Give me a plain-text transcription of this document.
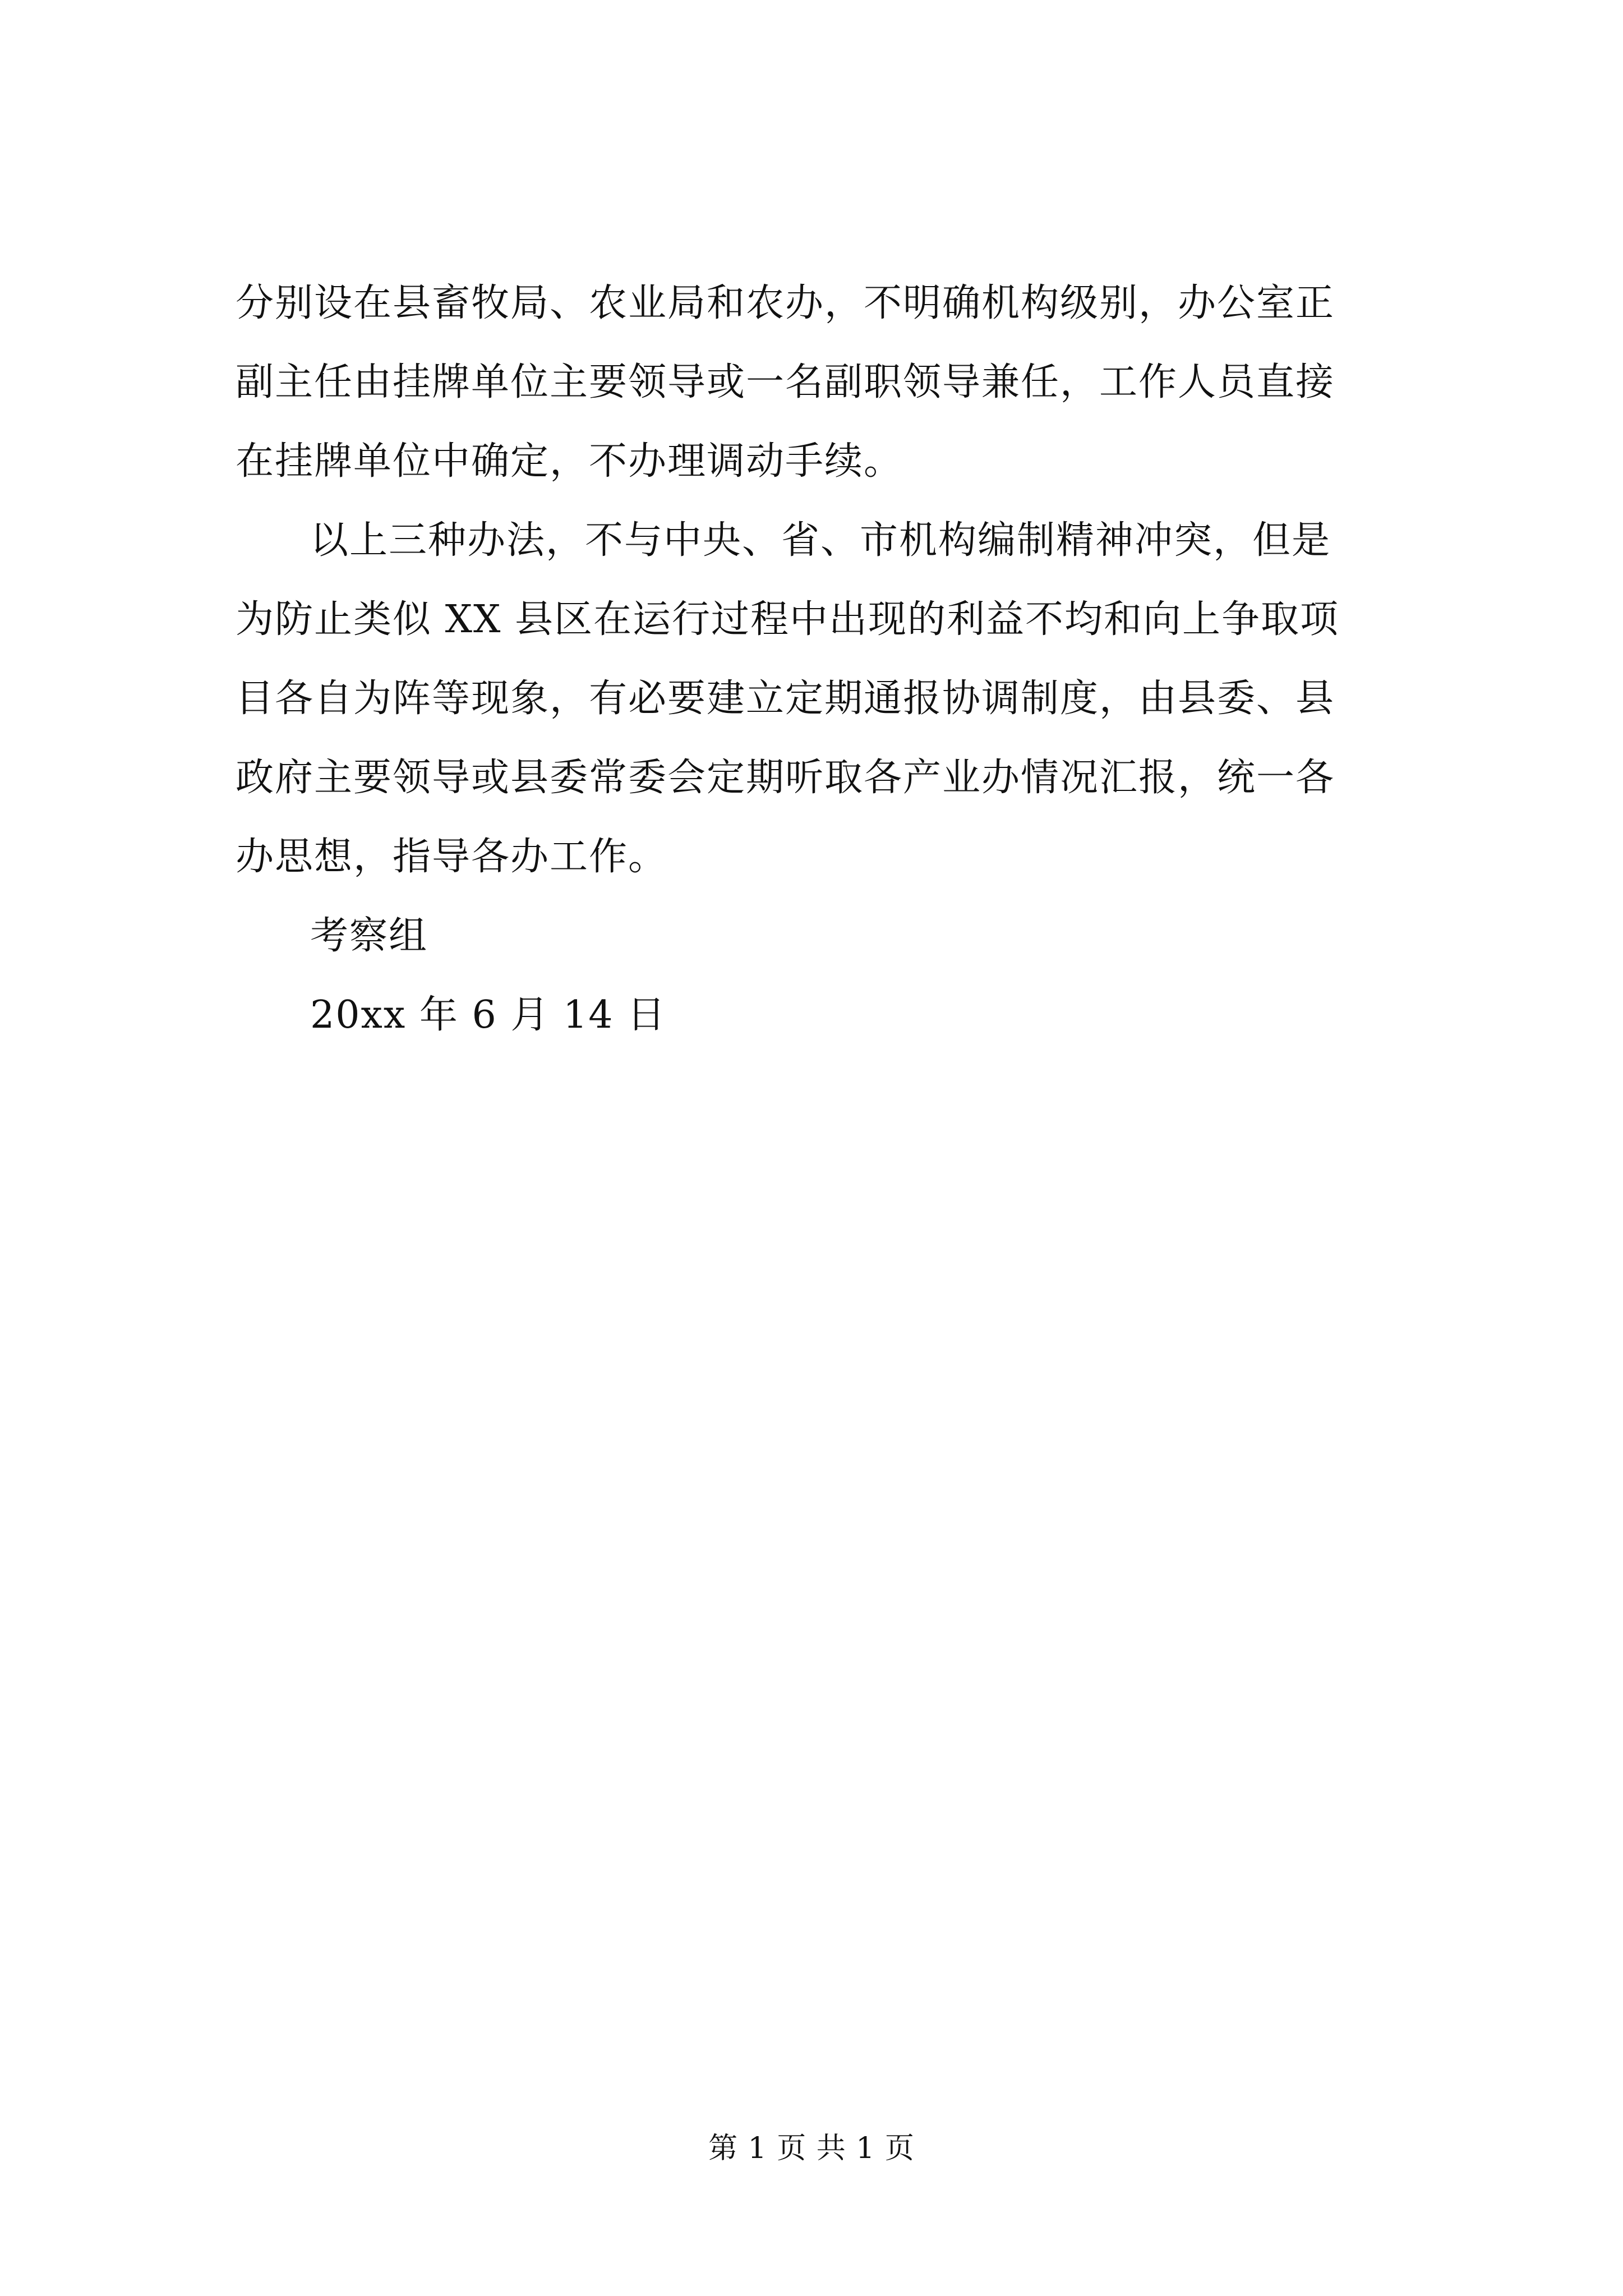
分别设在县畜牧局、农业局和农办，不明确机构级别，办公室正
副主任由挂牌单位主要领导或一名副职领导兼任，工作人员直接
在挂牌单位中确定，不办理调动手续。
以上三种办法，不与中央、省、市机构编制精神冲突，但是
为防止类似 XX 县区在运行过程中出现的利益不均和向上争取项
目各自为阵等现象，有必要建立定期通报协调制度，由县委、县
政府主要领导或县委常委会定期听取各产业办情况汇报，统一各
办思想，指导各办工作。
考察组
20xx 年 6 月 14 日
第 1 页 共 1 页
